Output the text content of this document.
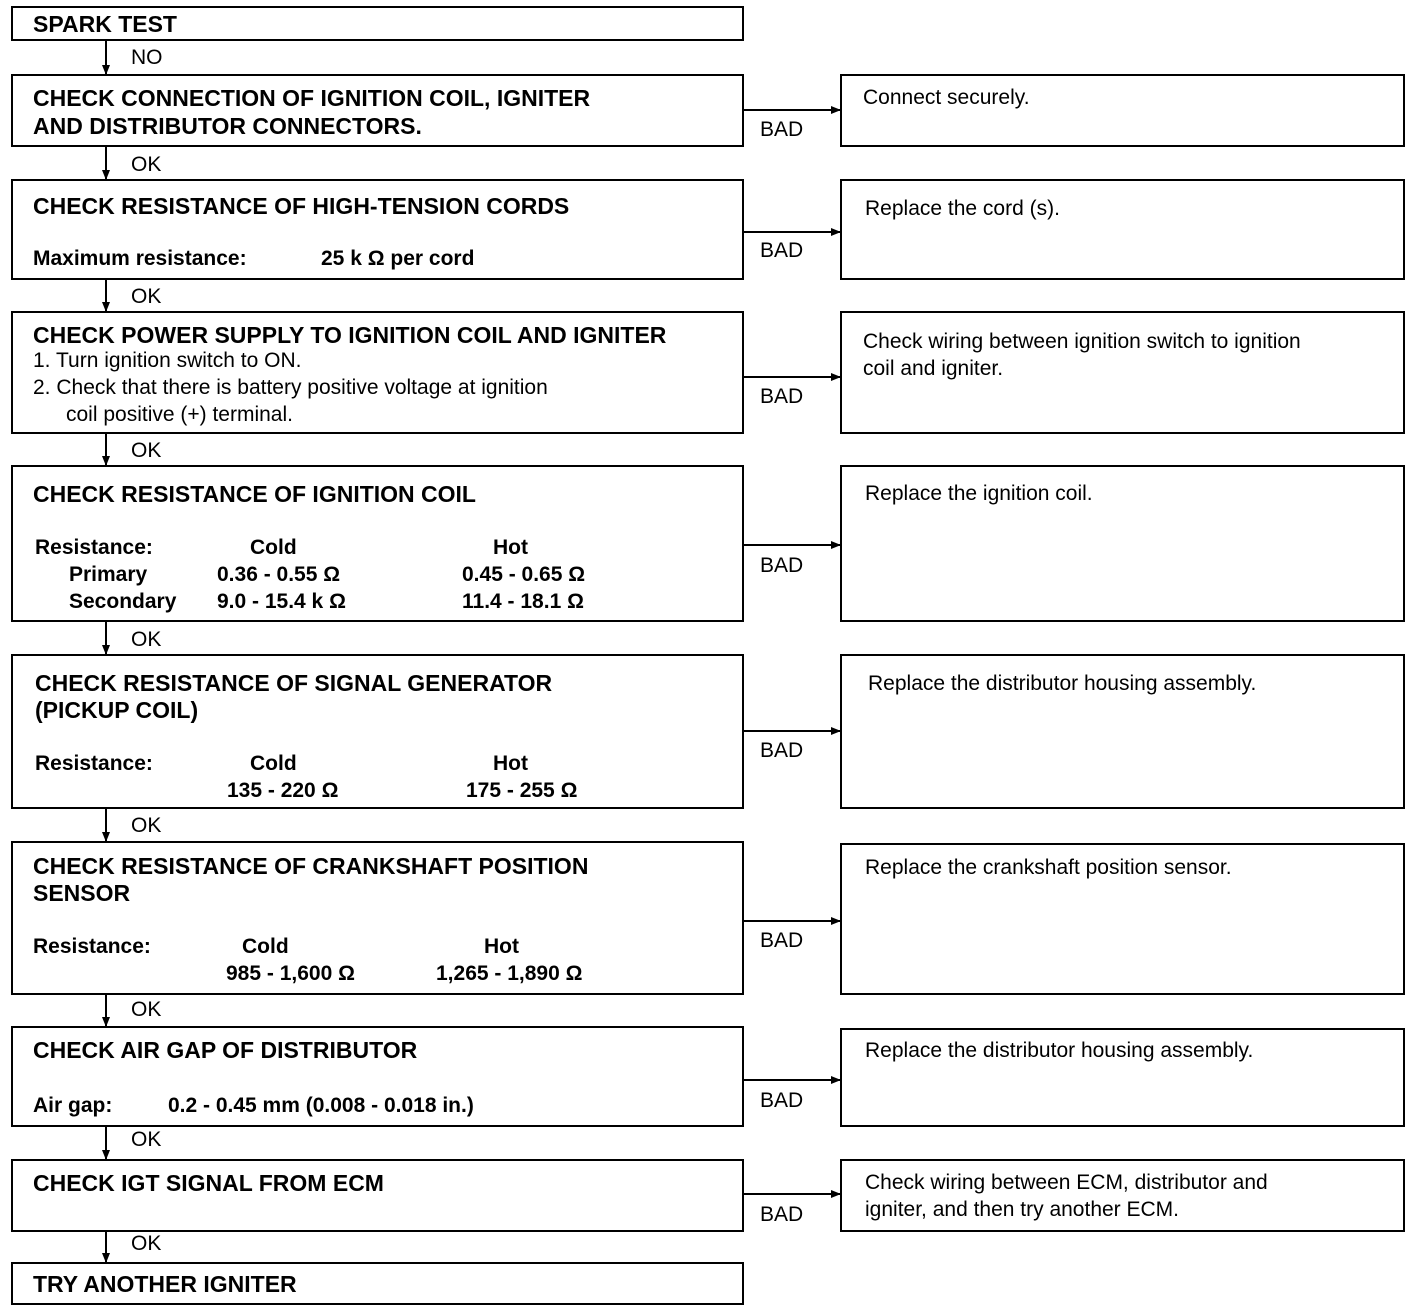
NO
OK
OK
OK
OK
OK
OK
OK
OK
BAD
BAD
BAD
BAD
BAD
BAD
BAD
BAD
SPARK TEST
CHECK CONNECTION OF IGNITION COIL, IGNITER
AND DISTRIBUTOR CONNECTORS.
Connect securely.
CHECK RESISTANCE OF HIGH-TENSION CORDS
Maximum resistance:	25 k Ω per cord
Replace the cord (s).
CHECK POWER SUPPLY TO IGNITION COIL AND IGNITER
1. Turn ignition switch to ON.
2. Check that there is battery positive voltage at ignition
coil positive (+) terminal.
Check wiring between ignition switch to ignition
coil and igniter.
CHECK RESISTANCE OF IGNITION COIL
Resistance:	Cold	Hot
Primary	0.36 - 0.55 Ω	0.45 - 0.65 Ω
Secondary 9.0 - 15.4 k Ω	11.4 - 18.1 Ω
Replace the ignition coil.
CHECK RESISTANCE OF SIGNAL GENERATOR
(PICKUP COIL)
Resistance:	Cold	Hot
135 - 220 Ω	175 - 255 Ω
Replace the distributor housing assembly.
CHECK RESISTANCE OF CRANKSHAFT POSITION
SENSOR
Resistance:	Cold	Hot
985 - 1,600 Ω	1,265 - 1,890 Ω
Replace the crankshaft position sensor.
CHECK AIR GAP OF DISTRIBUTOR
Air gap:	0.2 - 0.45 mm (0.008 - 0.018 in.)
Replace the distributor housing assembly.
CHECK IGT SIGNAL FROM ECM	Check wiring between ECM, distributor and
igniter, and then try another ECM.
TRY ANOTHER IGNITER
